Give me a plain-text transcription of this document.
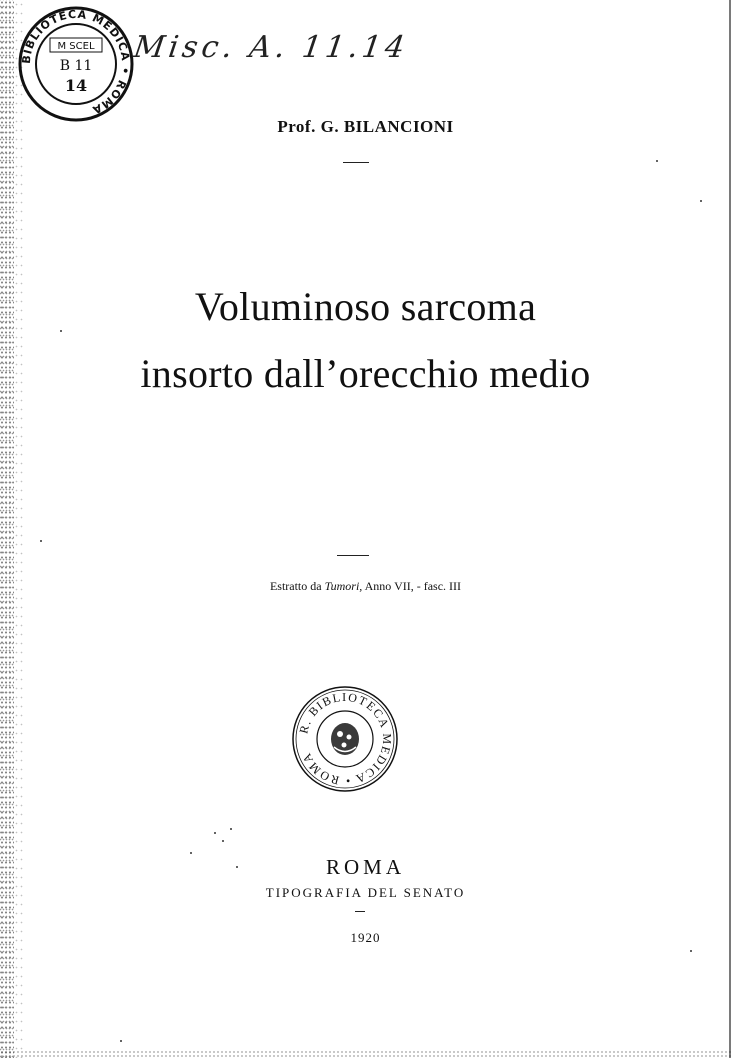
BIBLIOTECA MEDICA • ROMA
M SCEL
B 11
14
Misc. A. 11.14
Prof. G. BILANCIONI
Voluminoso sarcoma
insorto dall’orecchio medio
Estratto da Tumori, Anno VII, - fasc. III
R. BIBLIOTECA MEDICA • ROMA
ROMA
TIPOGRAFIA DEL SENATO
1920
